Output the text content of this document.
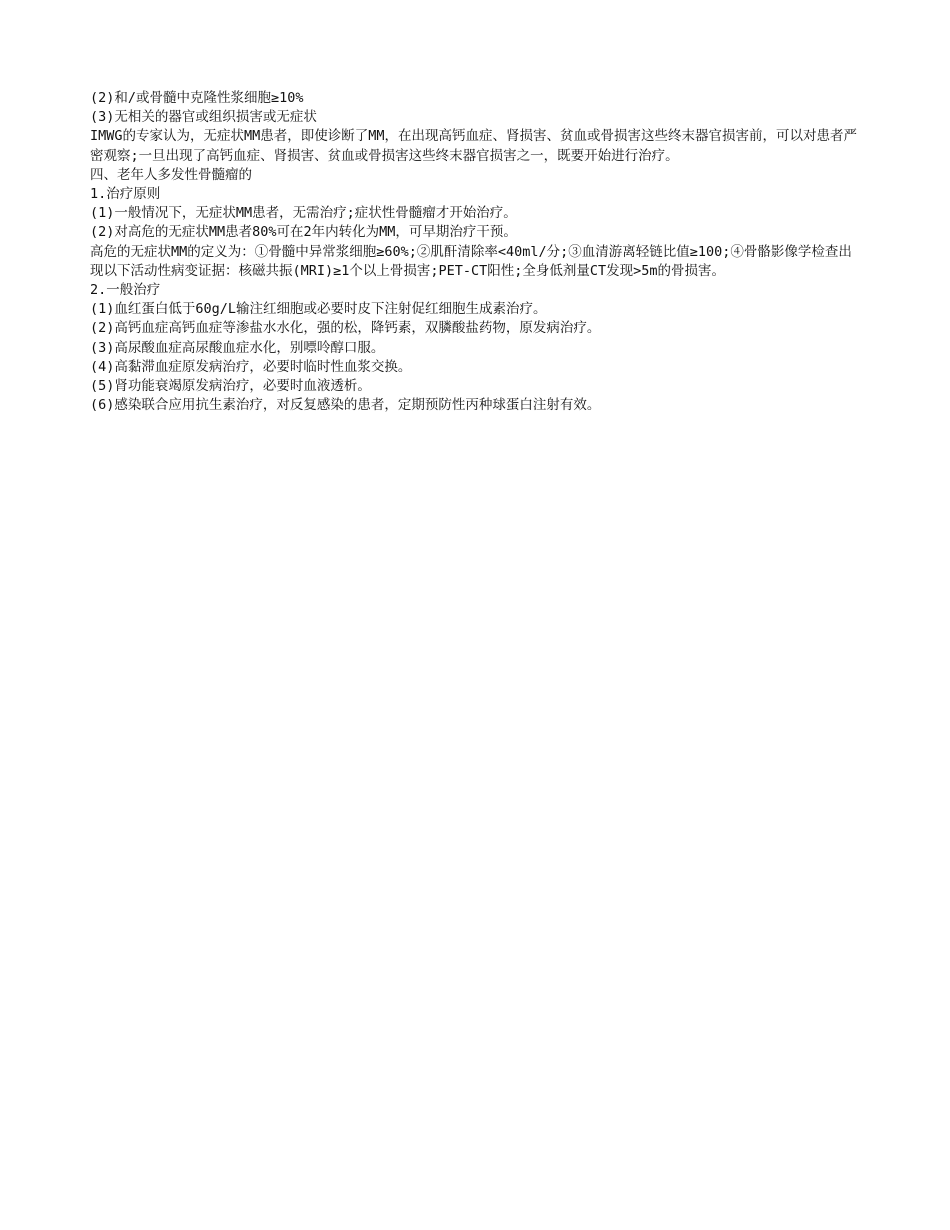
(2)和/或骨髓中克隆性浆细胞≥10%

(3)无相关的器官或组织损害或无症状

IMWG的专家认为，无症状MM患者，即使诊断了MM，在出现高钙血症、肾损害、贫血或骨损害这些终末器官损害前，可以对患者严密观察;一旦出现了高钙血症、肾损害、贫血或骨损害这些终末器官损害之一，既要开始进行治疗。

四、老年人多发性骨髓瘤的

1.治疗原则

(1)一般情况下，无症状MM患者，无需治疗;症状性骨髓瘤才开始治疗。

(2)对高危的无症状MM患者80%可在2年内转化为MM，可早期治疗干预。

高危的无症状MM的定义为：①骨髓中异常浆细胞≥60%;②肌酐清除率<40ml/分;③血清游离轻链比值≥100;④骨骼影像学检查出现以下活动性病变证据：核磁共振(MRI)≥1个以上骨损害;PET-CT阳性;全身低剂量CT发现>5m的骨损害。

2.一般治疗

(1)血红蛋白低于60g/L输注红细胞或必要时皮下注射促红细胞生成素治疗。

(2)高钙血症高钙血症等渗盐水水化，强的松，降钙素，双膦酸盐药物，原发病治疗。

(3)高尿酸血症高尿酸血症水化，别嘌呤醇口服。

(4)高黏滞血症原发病治疗，必要时临时性血浆交换。

(5)肾功能衰竭原发病治疗，必要时血液透析。

(6)感染联合应用抗生素治疗，对反复感染的患者，定期预防性丙种球蛋白注射有效。
